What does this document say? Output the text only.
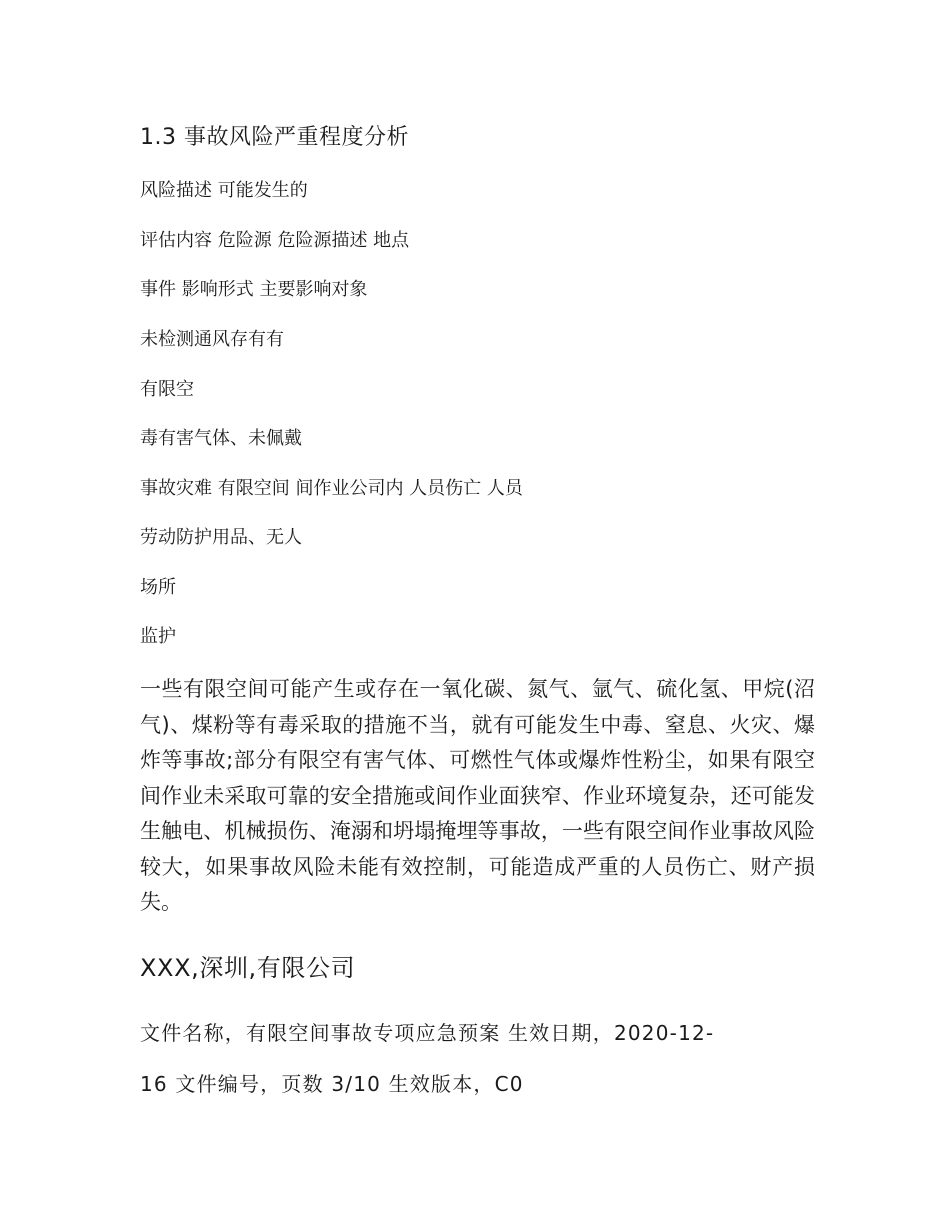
1.3 事故风险严重程度分析

风险描述 可能发生的

评估内容 危险源 危险源描述 地点

事件 影响形式 主要影响对象

未检测通风存有有

有限空

毒有害气体、未佩戴

事故灾难 有限空间 间作业公司内 人员伤亡 人员

劳动防护用品、无人

场所

监护

一些有限空间可能产生或存在一氧化碳、氮气、氩气、硫化氢、甲烷(沼气)、煤粉等有毒采取的措施不当，就有可能发生中毒、窒息、火灾、爆炸等事故;部分有限空有害气体、可燃性气体或爆炸性粉尘，如果有限空间作业未采取可靠的安全措施或间作业面狭窄、作业环境复杂，还可能发生触电、机械损伤、淹溺和坍塌掩埋等事故，一些有限空间作业事故风险较大，如果事故风险未能有效控制，可能造成严重的人员伤亡、财产损失。

XXX,深圳,有限公司

文件名称，有限空间事故专项应急预案 生效日期，2020-12-

16 文件编号，页数 3/10 生效版本，C0
